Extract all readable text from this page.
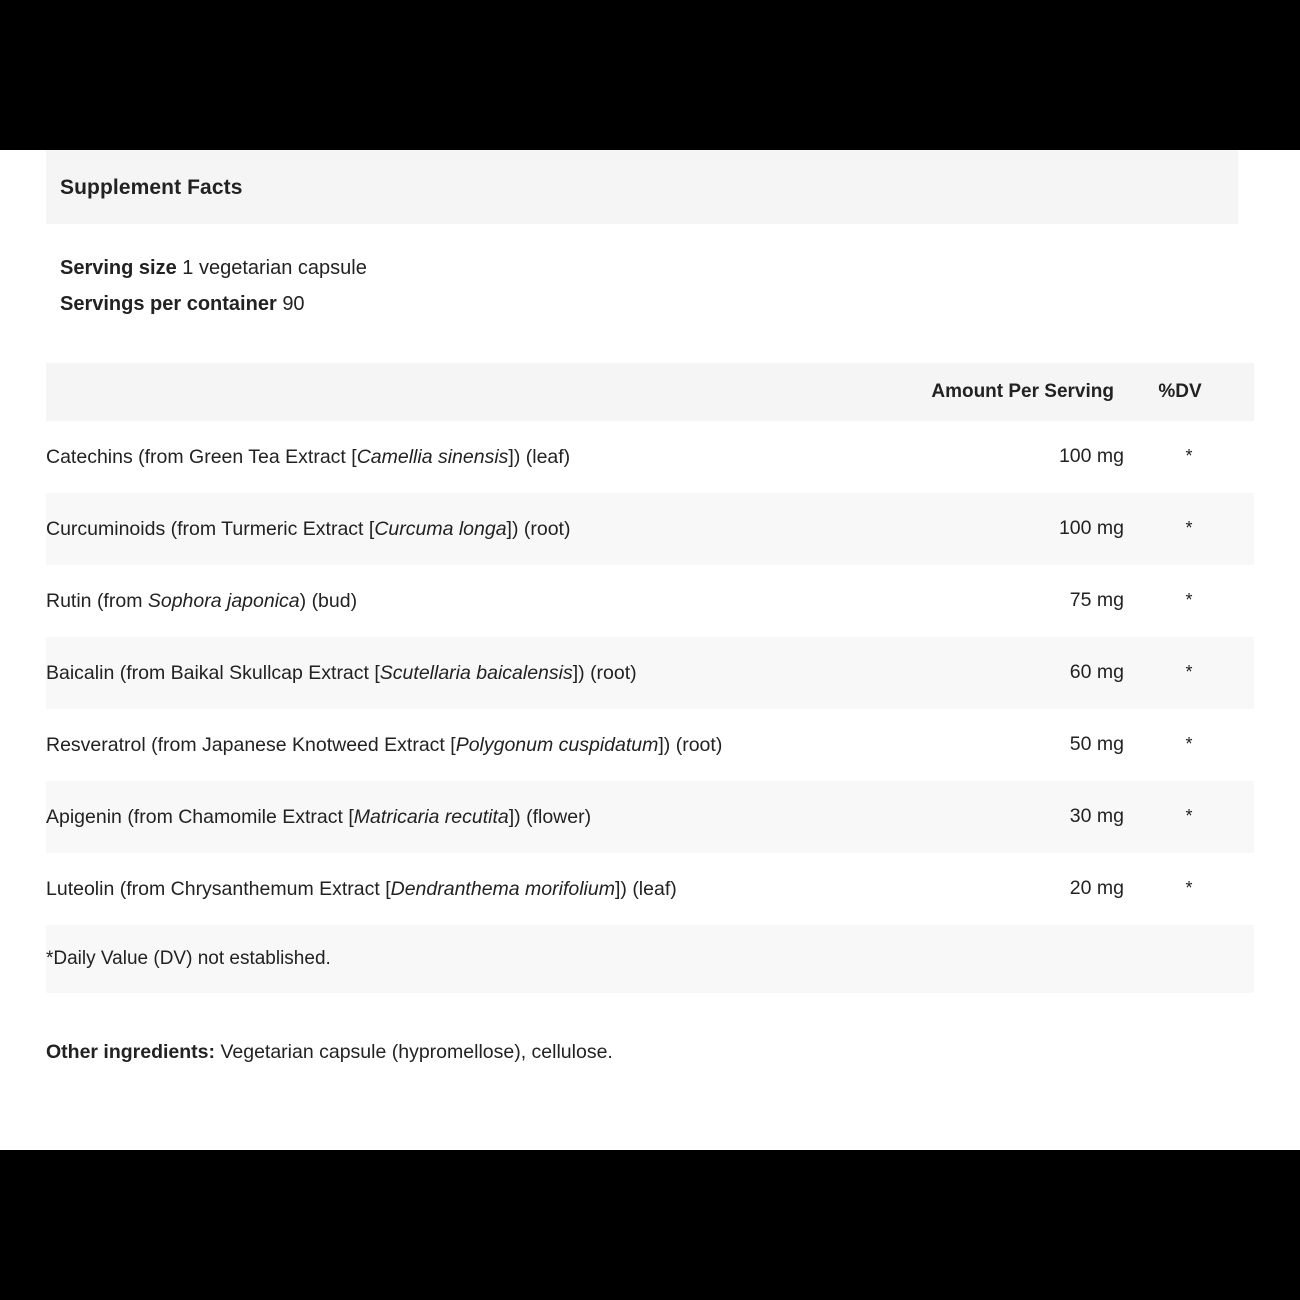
Supplement Facts
Serving size 1 vegetarian capsule
Servings per container 90
	Amount Per Serving	%DV
Catechins (from Green Tea Extract [Camellia sinensis]) (leaf)	100 mg	*
Curcuminoids (from Turmeric Extract [Curcuma longa]) (root)	100 mg	*
Rutin (from Sophora japonica) (bud)	75 mg	*
Baicalin (from Baikal Skullcap Extract [Scutellaria baicalensis]) (root)	60 mg	*
Resveratrol (from Japanese Knotweed Extract [Polygonum cuspidatum]) (root)	50 mg	*
Apigenin (from Chamomile Extract [Matricaria recutita]) (flower)	30 mg	*
Luteolin (from Chrysanthemum Extract [Dendranthema morifolium]) (leaf)	20 mg	*
*Daily Value (DV) not established.		
Other ingredients: Vegetarian capsule (hypromellose), cellulose.
